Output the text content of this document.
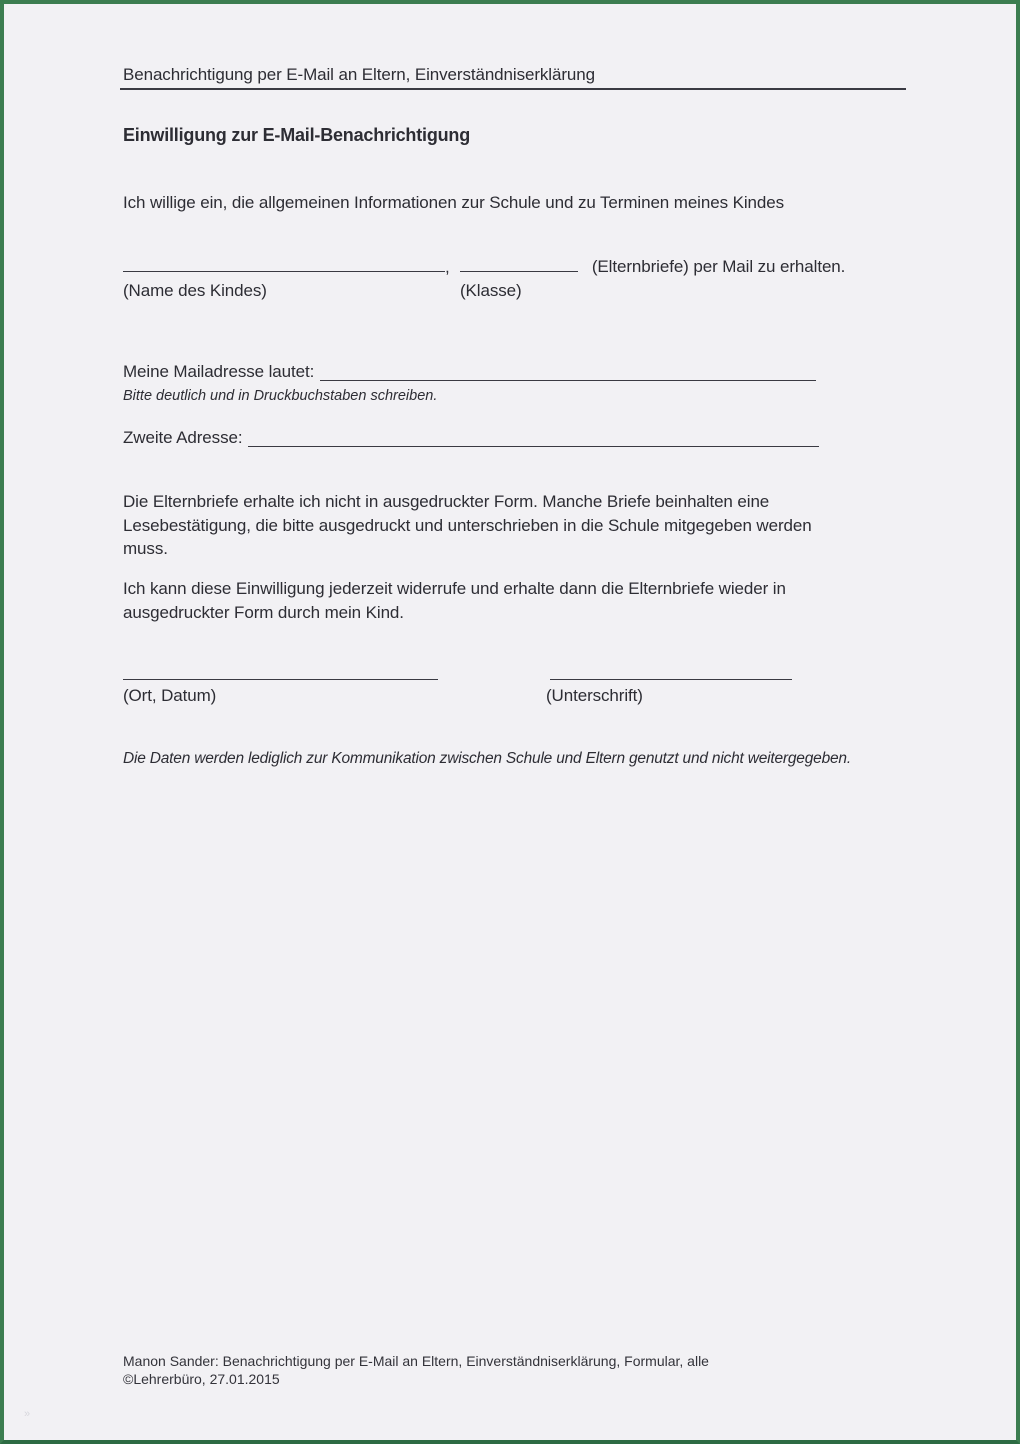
Benachrichtigung per E-Mail an Eltern, Einverständniserklärung
Einwilligung zur E-Mail-Benachrichtigung
Ich willige ein, die allgemeinen Informationen zur Schule und zu Terminen meines Kindes
,	(Elternbriefe) per Mail zu erhalten.
(Name des Kindes)	(Klasse)
Meine Mailadresse lautet:
Bitte deutlich und in Druckbuchstaben schreiben.
Zweite Adresse:
Die Elternbriefe erhalte ich nicht in ausgedruckter Form. Manche Briefe beinhalten eine
Lesebestätigung, die bitte ausgedruckt und unterschrieben in die Schule mitgegeben werden
muss.
Ich kann diese Einwilligung jederzeit widerrufe und erhalte dann die Elternbriefe wieder in
ausgedruckter Form durch mein Kind.
(Ort, Datum)	(Unterschrift)
Die Daten werden lediglich zur Kommunikation zwischen Schule und Eltern genutzt und nicht weitergegeben.
Manon Sander: Benachrichtigung per E-Mail an Eltern, Einverständniserklärung, Formular, alle
©Lehrerbüro, 27.01.2015
»
